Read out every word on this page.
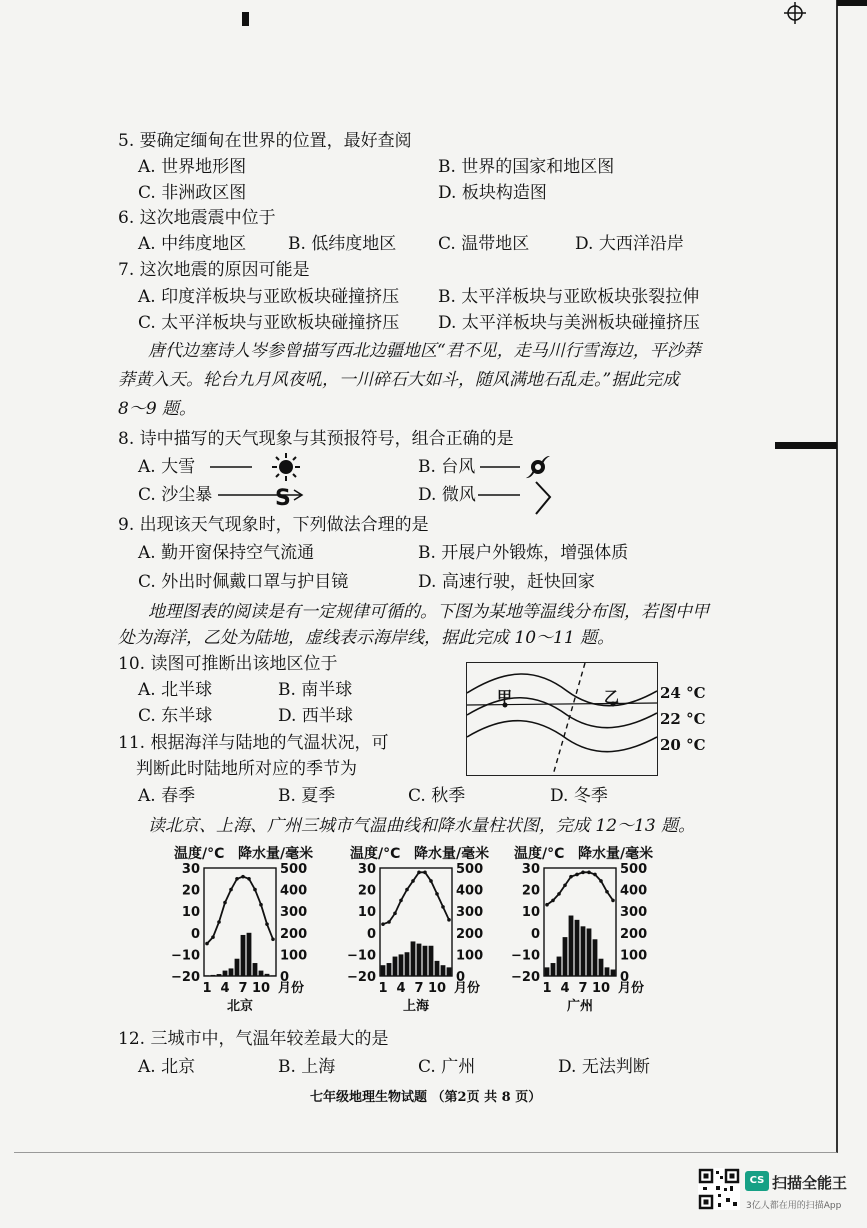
5. 要确定缅甸在世界的位置，最好查阅
A. 世界地形图	B. 世界的国家和地区图
C. 非洲政区图	D. 板块构造图
6. 这次地震震中位于
A. 中纬度地区 B. 低纬度地区 C. 温带地区	D. 大西洋沿岸
7. 这次地震的原因可能是
A. 印度洋板块与亚欧板块碰撞挤压 B. 太平洋板块与亚欧板块张裂拉伸
C. 太平洋板块与亚欧板块碰撞挤压 D. 太平洋板块与美洲板块碰撞挤压
唐代边塞诗人岑参曾描写西北边疆地区“君不见，走马川行雪海边，平沙莽
莽黄入天。轮台九月风夜吼，一川碎石大如斗，随风满地石乱走。”据此完成
8～9 题。
8. 诗中描写的天气现象与其预报符号，组合正确的是
A. 大雪	B. 台风
C. 沙尘暴	S	D. 微风
9. 出现该天气现象时，下列做法合理的是
A. 勤开窗保持空气流通	B. 开展户外锻炼，增强体质
C. 外出时佩戴口罩与护目镜	D. 高速行驶，赶快回家
地理图表的阅读是有一定规律可循的。下图为某地等温线分布图，若图中甲
处为海洋，乙处为陆地，虚线表示海岸线，据此完成 10～11 题。
10. 读图可推断出该地区位于
A. 北半球	B. 南半球
C. 东半球	D. 西半球
11. 根据海洋与陆地的气温状况，可
判断此时陆地所对应的季节为
A. 春季	B. 夏季	C. 秋季	D. 冬季
甲	乙	24 °C
22 °C
20 °C
读北京、上海、广州三城市气温曲线和降水量柱状图，完成 12～13 题。
温度/°C 降水量/毫米
30
20
10
0
−10
−20
500
400
300
200
100
0
1 4 7 10 月份
北京
温度/°C 降水量/毫米
30
20
10
0
−10
−20
500
400
300
200
100
0
1 4 7 10 月份
上海
温度/°C 降水量/毫米
30
20
10
0
−10
−20
500
400
300
200
100
0
1 4 7 10 月份
广州
12. 三城市中，气温年较差最大的是
A. 北京	B. 上海	C. 广州	D. 无法判断
七年级地理生物试题 （第2页 共 8 页）
CS 扫描全能王
3亿人都在用的扫描App
